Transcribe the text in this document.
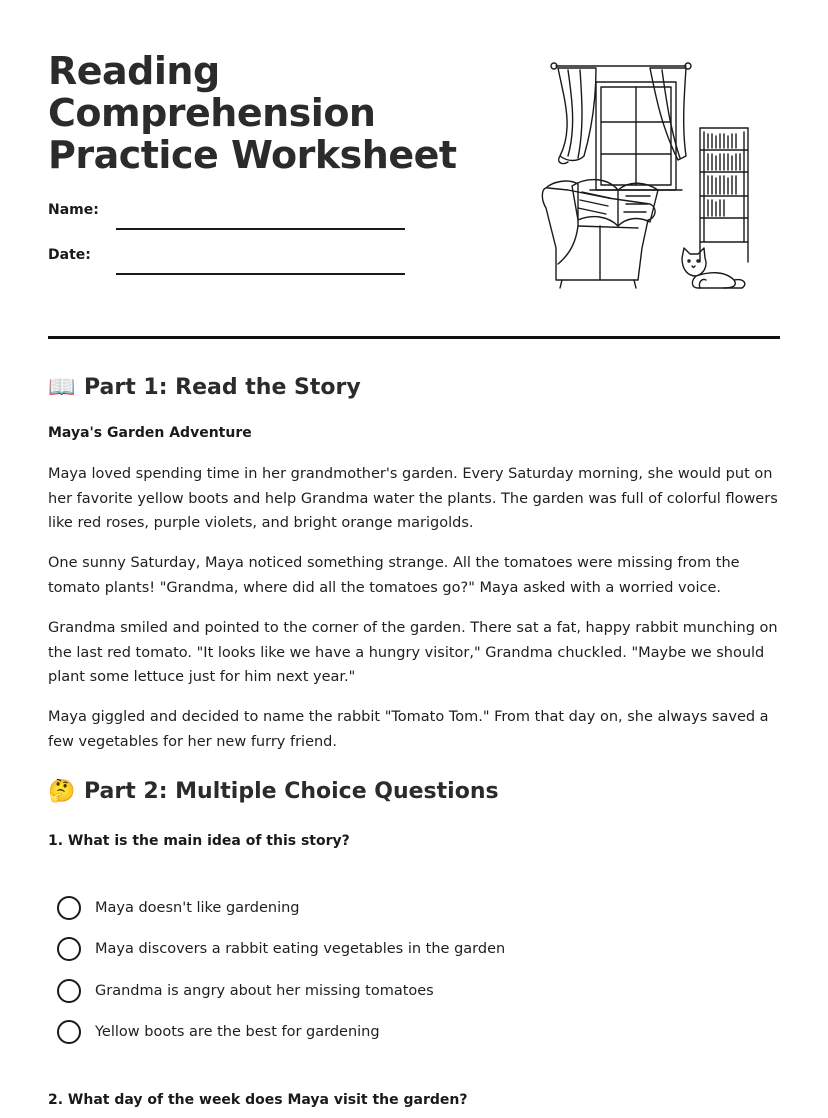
Reading Comprehension Practice Worksheet
Name:
Date:
📖 Part 1: Read the Story
Maya's Garden Adventure

Maya loved spending time in her grandmother's garden. Every Saturday morning, she would put on her favorite yellow boots and help Grandma water the plants. The garden was full of colorful flowers like red roses, purple violets, and bright orange marigolds.

One sunny Saturday, Maya noticed something strange. All the tomatoes were missing from the tomato plants! "Grandma, where did all the tomatoes go?" Maya asked with a worried voice.

Grandma smiled and pointed to the corner of the garden. There sat a fat, happy rabbit munching on the last red tomato. "It looks like we have a hungry visitor," Grandma chuckled. "Maybe we should plant some lettuce just for him next year."

Maya giggled and decided to name the rabbit "Tomato Tom." From that day on, she always saved a few vegetables for her new furry friend.

🤔 Part 2: Multiple Choice Questions
1. What is the main idea of this story?
Maya doesn't like gardening
Maya discovers a rabbit eating vegetables in the garden
Grandma is angry about her missing tomatoes
Yellow boots are the best for gardening
2. What day of the week does Maya visit the garden?
